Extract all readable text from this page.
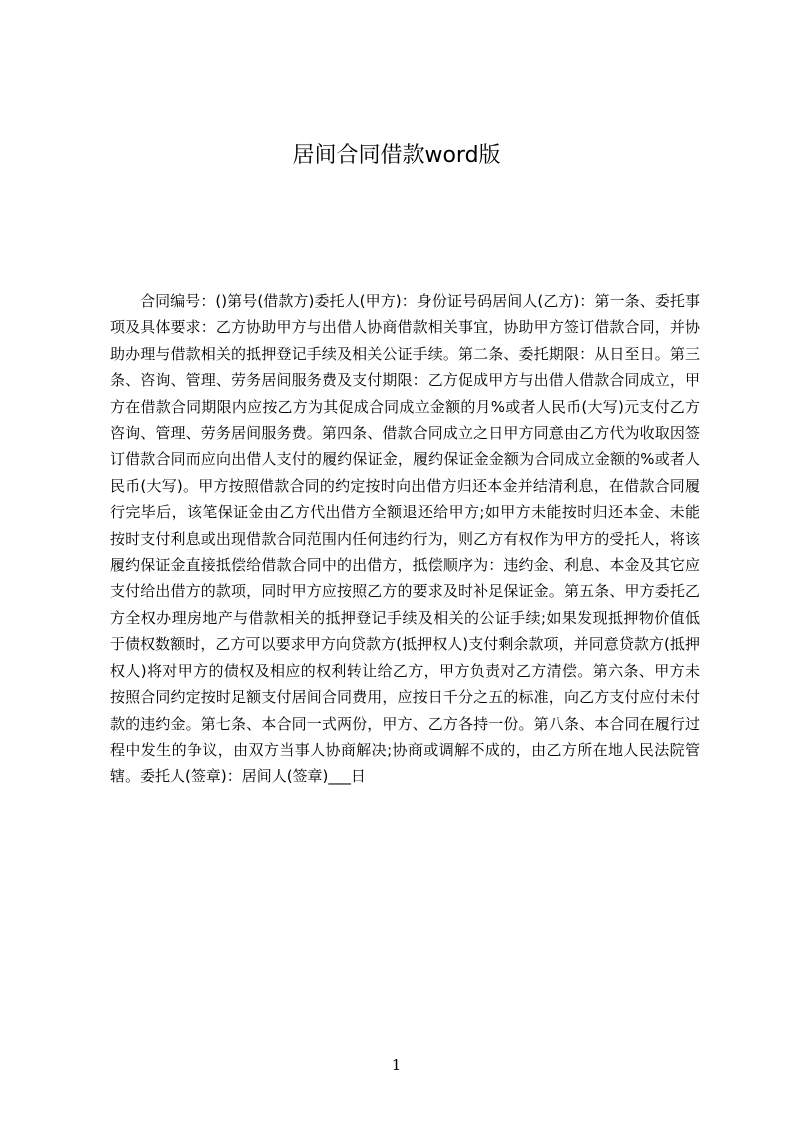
居间合同借款word版

合同编号：()第号(借款方)委托人(甲方)：身份证号码居间人(乙方)：第一条、委托事项及具体要求：乙方协助甲方与出借人协商借款相关事宜，协助甲方签订借款合同，并协助办理与借款相关的抵押登记手续及相关公证手续。第二条、委托期限：从日至日。第三条、咨询、管理、劳务居间服务费及支付期限：乙方促成甲方与出借人借款合同成立，甲方在借款合同期限内应按乙方为其促成合同成立金额的月%或者人民币(大写)元支付乙方咨询、管理、劳务居间服务费。第四条、借款合同成立之日甲方同意由乙方代为收取因签订借款合同而应向出借人支付的履约保证金，履约保证金金额为合同成立金额的%或者人民币(大写)。甲方按照借款合同的约定按时向出借方归还本金并结清利息，在借款合同履行完毕后，该笔保证金由乙方代出借方全额退还给甲方;如甲方未能按时归还本金、未能按时支付利息或出现借款合同范围内任何违约行为，则乙方有权作为甲方的受托人，将该履约保证金直接抵偿给借款合同中的出借方，抵偿顺序为：违约金、利息、本金及其它应支付给出借方的款项，同时甲方应按照乙方的要求及时补足保证金。第五条、甲方委托乙方全权办理房地产与借款相关的抵押登记手续及相关的公证手续;如果发现抵押物价值低于债权数额时，乙方可以要求甲方向贷款方(抵押权人)支付剩余款项，并同意贷款方(抵押权人)将对甲方的债权及相应的权利转让给乙方，甲方负责对乙方清偿。第六条、甲方未按照合同约定按时足额支付居间合同费用，应按日千分之五的标准，向乙方支付应付未付款的违约金。第七条、本合同一式两份，甲方、乙方各持一份。第八条、本合同在履行过程中发生的争议，由双方当事人协商解决;协商或调解不成的，由乙方所在地人民法院管辖。委托人(签章)：居间人(签章)___日

1
